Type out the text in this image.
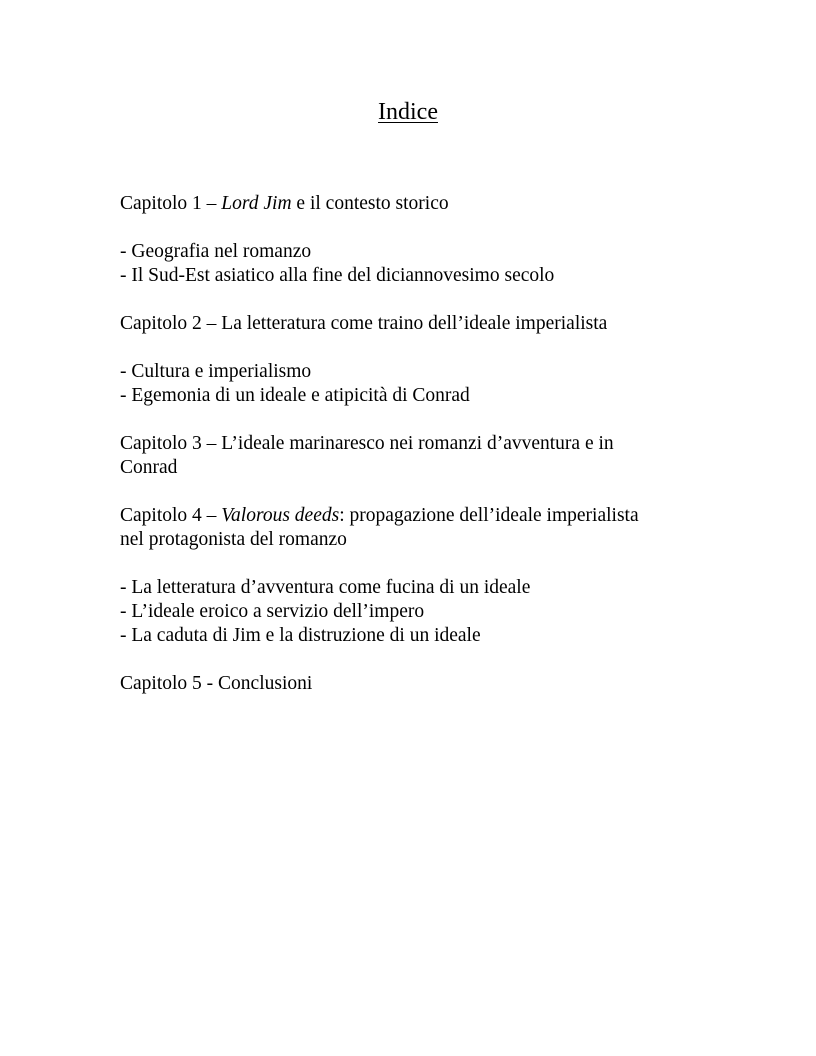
Indice
Capitolo 1 – Lord Jim e il contesto storico
- Geografia nel romanzo
- Il Sud-Est asiatico alla fine del diciannovesimo secolo
Capitolo 2 – La letteratura come traino dell’ideale imperialista
- Cultura e imperialismo
- Egemonia di un ideale e atipicità di Conrad
Capitolo 3 – L’ideale marinaresco nei romanzi d’avventura e in
Conrad
Capitolo 4 – Valorous deeds: propagazione dell’ideale imperialista
nel protagonista del romanzo
- La letteratura d’avventura come fucina di un ideale
- L’ideale eroico a servizio dell’impero
- La caduta di Jim e la distruzione di un ideale
Capitolo 5 - Conclusioni
